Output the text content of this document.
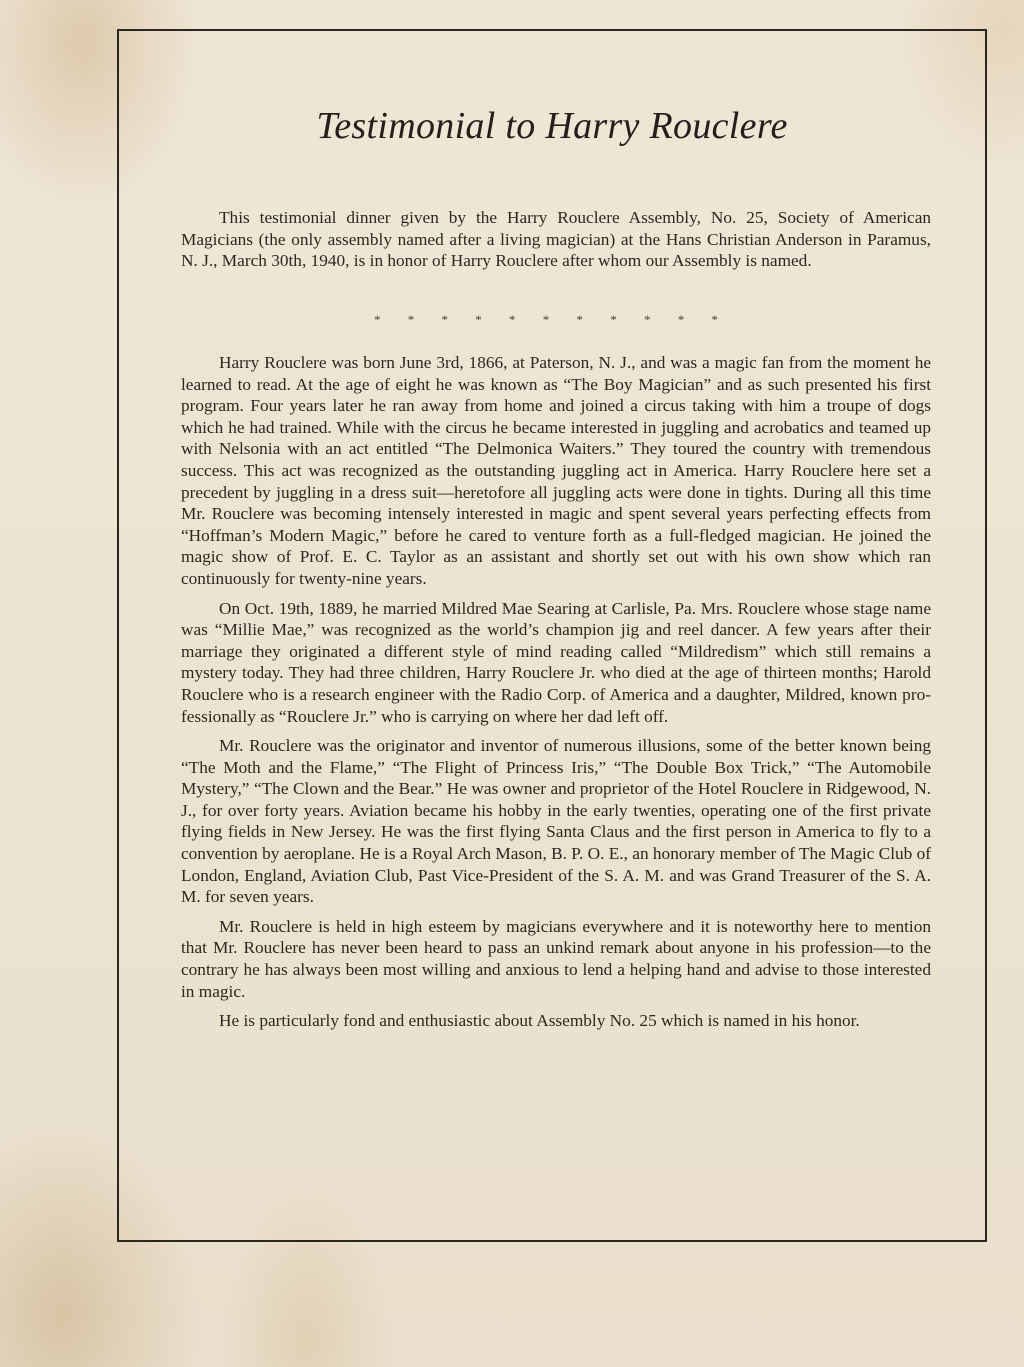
Testimonial to Harry Rouclere

This testimonial dinner given by the Harry Rouclere Assembly, No. 25, Society of American Magicians (the only assembly named after a living magician) at the Hans Christian Anderson in Paramus, N. J., March 30th, 1940, is in honor of Harry Rouclere after whom our Assembly is named.

* * * * * * * * * * *

Harry Rouclere was born June 3rd, 1866, at Paterson, N. J., and was a magic fan from the moment he learned to read. At the age of eight he was known as “The Boy Magician” and as such presented his first program. Four years later he ran away from home and joined a circus taking with him a troupe of dogs which he had trained. While with the circus he became interested in juggling and acrobatics and teamed up with Nelsonia with an act entitled “The Delmonica Waiters.” They toured the country with tremendous success. This act was recognized as the outstanding juggling act in America. Harry Rouclere here set a precedent by juggling in a dress suit—heretofore all juggling acts were done in tights. During all this time Mr. Rouclere was becoming intensely interested in magic and spent several years perfecting effects from “Hoffman’s Modern Magic,” before he cared to venture forth as a full-fledged magician. He joined the magic show of Prof. E. C. Taylor as an assistant and shortly set out with his own show which ran continuously for twenty-nine years.

On Oct. 19th, 1889, he married Mildred Mae Searing at Carlisle, Pa. Mrs. Rouclere whose stage name was “Millie Mae,” was recognized as the world’s champion jig and reel dancer. A few years after their marriage they originated a different style of mind reading called “Mildredism” which still remains a mystery today. They had three children, Harry Rouclere Jr. who died at the age of thirteen months; Harold Rouclere who is a research engineer with the Radio Corp. of America and a daughter, Mildred, known professionally as “Rouclere Jr.” who is carrying on where her dad left off.

Mr. Rouclere was the originator and inventor of numerous illusions, some of the better known being “The Moth and the Flame,” “The Flight of Princess Iris,” “The Double Box Trick,” “The Automobile Mystery,” “The Clown and the Bear.” He was owner and proprietor of the Hotel Rouclere in Ridgewood, N. J., for over forty years. Aviation became his hobby in the early twenties, operating one of the first private flying fields in New Jersey. He was the first flying Santa Claus and the first person in America to fly to a convention by aeroplane. He is a Royal Arch Mason, B. P. O. E., an honorary member of The Magic Club of London, England, Aviation Club, Past Vice-President of the S. A. M. and was Grand Treasurer of the S. A. M. for seven years.

Mr. Rouclere is held in high esteem by magicians everywhere and it is noteworthy here to mention that Mr. Rouclere has never been heard to pass an unkind remark about anyone in his profession—to the contrary he has always been most willing and anxious to lend a helping hand and advise to those interested in magic.

He is particularly fond and enthusiastic about Assembly No. 25 which is named in his honor.
